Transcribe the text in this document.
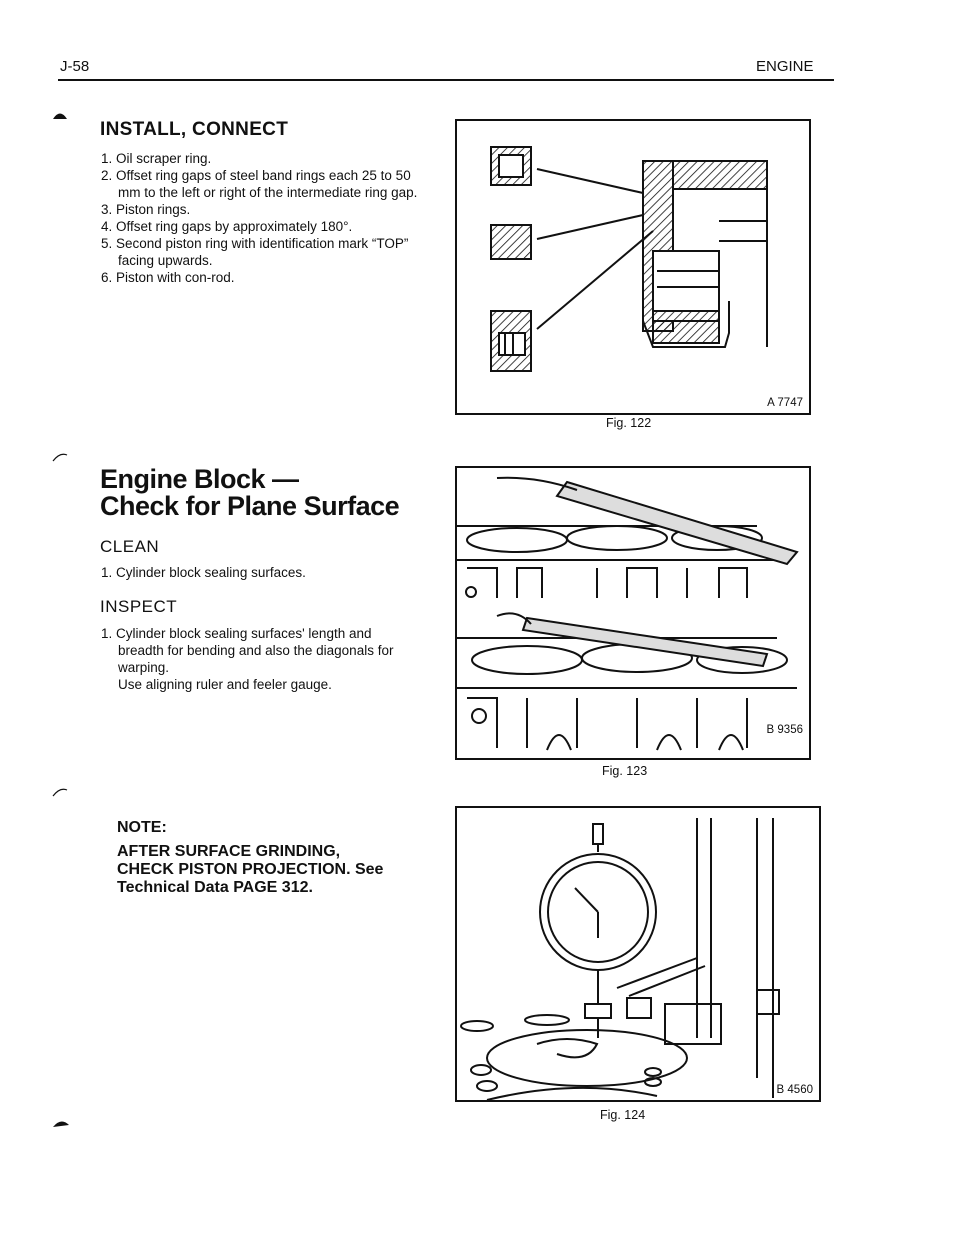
J-58	ENGINE
INSTALL, CONNECT
1. Oil scraper ring.
2. Offset ring gaps of steel band rings each 25 to 50 mm to the left or right of the intermediate ring gap.
3. Piston rings.
4. Offset ring gaps by approximately 180°.
5. Second piston ring with identification mark “TOP” facing upwards.
6. Piston with con-rod.
Engine Block —
Check for Plane Surface
CLEAN
1. Cylinder block sealing surfaces.
INSPECT
1. Cylinder block sealing surfaces' length and breadth for bending and also the diagonals for warping.
Use aligning ruler and feeler gauge.
NOTE:
AFTER SURFACE GRINDING,
CHECK PISTON PROJECTION. See
Technical Data PAGE 312.
A 7747
Fig. 122
B 9356
Fig. 123
B 4560
Fig. 124
